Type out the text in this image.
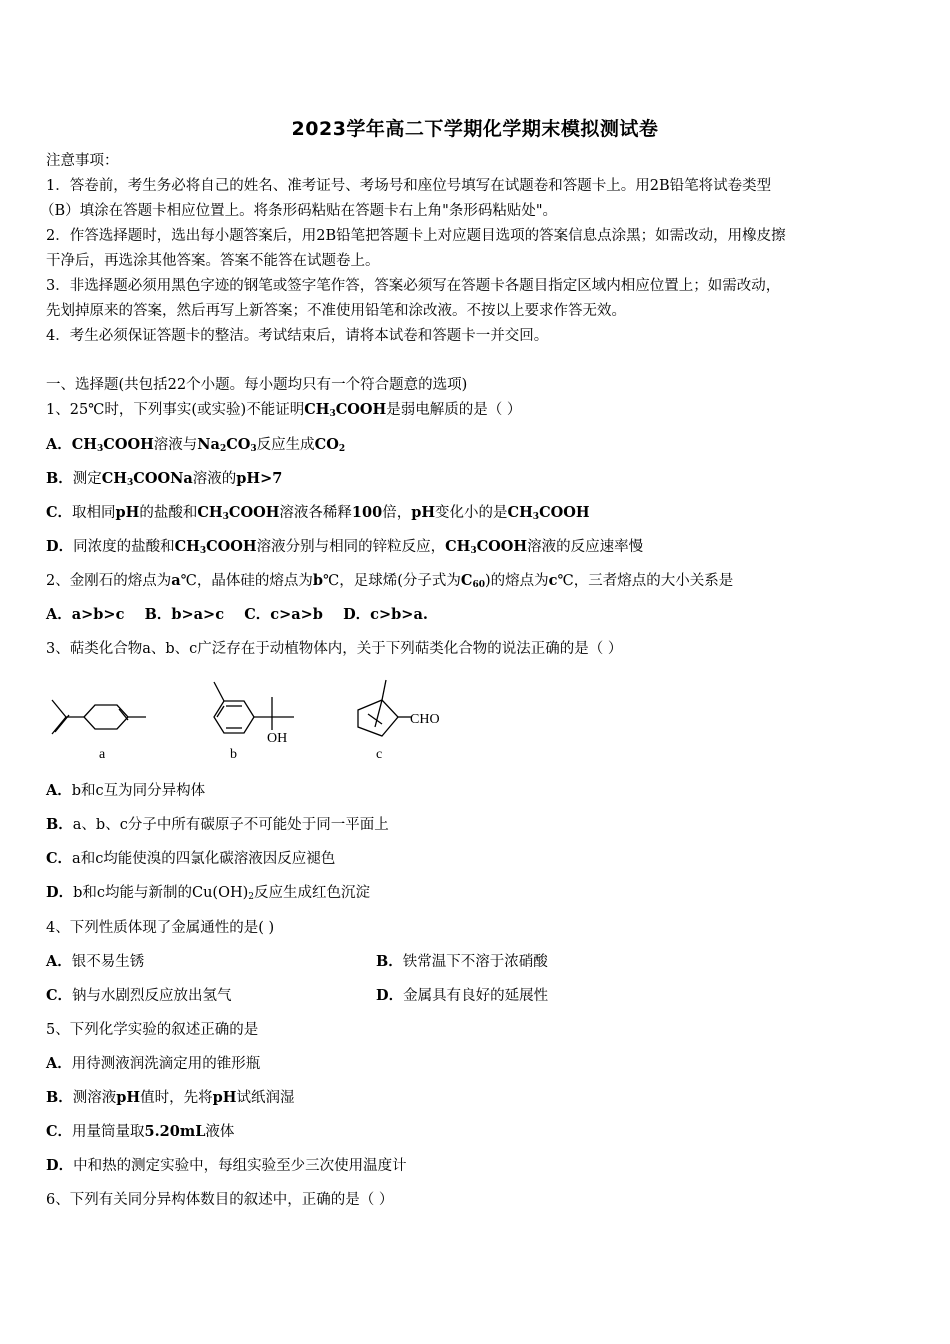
2023学年高二下学期化学期末模拟测试卷
注意事项：
1．答卷前，考生务必将自己的姓名、准考证号、考场号和座位号填写在试题卷和答题卡上。用2B铅笔将试卷类型
（B）填涂在答题卡相应位置上。将条形码粘贴在答题卡右上角"条形码粘贴处"。
2．作答选择题时，选出每小题答案后，用2B铅笔把答题卡上对应题目选项的答案信息点涂黑；如需改动，用橡皮擦
干净后，再选涂其他答案。答案不能答在试题卷上。
3．非选择题必须用黑色字迹的钢笔或签字笔作答，答案必须写在答题卡各题目指定区域内相应位置上；如需改动，
先划掉原来的答案，然后再写上新答案；不准使用铅笔和涂改液。不按以上要求作答无效。
4．考生必须保证答题卡的整洁。考试结束后，请将本试卷和答题卡一并交回。
一、选择题(共包括22个小题。每小题均只有一个符合题意的选项)
1、25℃时，下列事实(或实验)不能证明$CH_3COOH$是弱电解质的是（ ）
A．$CH_3COOH$溶液与$Na_2CO_3$反应生成$CO_2$
B．测定$CH_3COONa$溶液的pH>7
C．取相同pH的盐酸和$CH_3COOH$溶液各稀释100倍，pH变化小的是$CH_3COOH$
D．同浓度的盐酸和$CH_3COOH$溶液分别与相同的锌粒反应，$CH_3COOH$溶液的反应速率慢
2、金刚石的熔点为a℃，晶体硅的熔点为b℃，足球烯(分子式为$C_{60}$)的熔点为c℃，三者熔点的大小关系是
A．a>b>c    B．b>a>c    C．c>a>b    D．c>b>a.
3、萜类化合物a、b、c广泛存在于动植物体内，关于下列萜类化合物的说法正确的是（ ）
a	b	c
OH
CHO
A．b和c互为同分异构体
B．a、b、c分子中所有碳原子不可能处于同一平面上
C．a和c均能使溴的四氯化碳溶液因反应褪色
D．b和c均能与新制的$Cu(OH)_2$反应生成红色沉淀
4、下列性质体现了金属通性的是( )
A．银不易生锈	B．铁常温下不溶于浓硝酸
C．钠与水剧烈反应放出氢气	D．金属具有良好的延展性
5、下列化学实验的叙述正确的是
A．用待测液润洗滴定用的锥形瓶
B．测溶液pH值时，先将pH试纸润湿
C．用量筒量取5.20mL液体
D．中和热的测定实验中，每组实验至少三次使用温度计
6、下列有关同分异构体数目的叙述中，正确的是（ ）
